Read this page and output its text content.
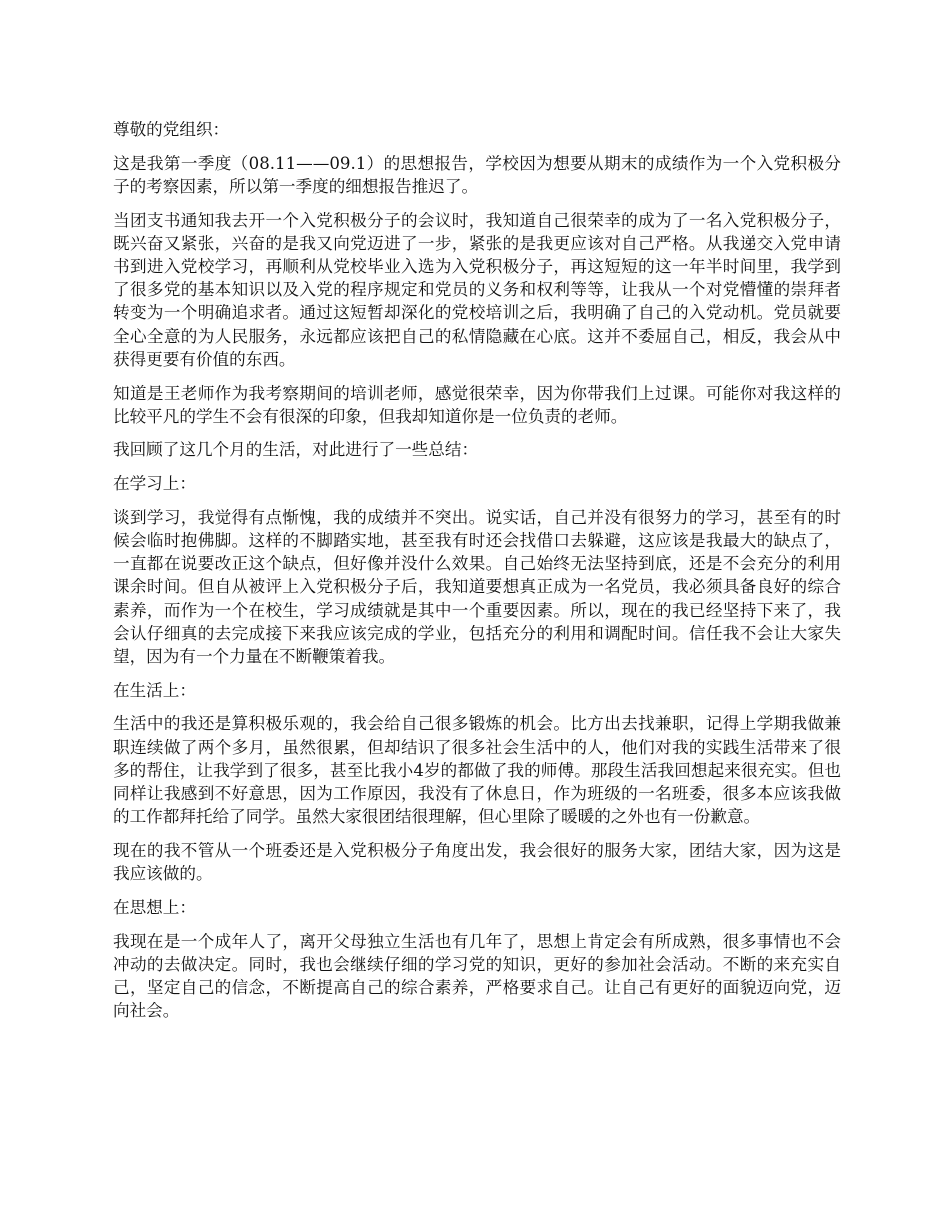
尊敬的党组织：

这是我第一季度（08.11——09.1）的思想报告，学校因为想要从期末的成绩作为一个入党积极分子的考察因素，所以第一季度的细想报告推迟了。

当团支书通知我去开一个入党积极分子的会议时，我知道自己很荣幸的成为了一名入党积极分子，既兴奋又紧张，兴奋的是我又向党迈进了一步，紧张的是我更应该对自己严格。从我递交入党申请书到进入党校学习，再顺利从党校毕业入选为入党积极分子，再这短短的这一年半时间里，我学到了很多党的基本知识以及入党的程序规定和党员的义务和权利等等，让我从一个对党懵懂的崇拜者转变为一个明确追求者。通过这短暂却深化的党校培训之后，我明确了自己的入党动机。党员就要全心全意的为人民服务，永远都应该把自己的私情隐藏在心底。这并不委屈自己，相反，我会从中获得更要有价值的东西。

知道是王老师作为我考察期间的培训老师，感觉很荣幸，因为你带我们上过课。可能你对我这样的比较平凡的学生不会有很深的印象，但我却知道你是一位负责的老师。

我回顾了这几个月的生活，对此进行了一些总结：

在学习上：

谈到学习，我觉得有点惭愧，我的成绩并不突出。说实话，自己并没有很努力的学习，甚至有的时候会临时抱佛脚。这样的不脚踏实地，甚至我有时还会找借口去躲避，这应该是我最大的缺点了，一直都在说要改正这个缺点，但好像并没什么效果。自己始终无法坚持到底，还是不会充分的利用课余时间。但自从被评上入党积极分子后，我知道要想真正成为一名党员，我必须具备良好的综合素养，而作为一个在校生，学习成绩就是其中一个重要因素。所以，现在的我已经坚持下来了，我会认仔细真的去完成接下来我应该完成的学业，包括充分的利用和调配时间。信任我不会让大家失望，因为有一个力量在不断鞭策着我。

在生活上：

生活中的我还是算积极乐观的，我会给自己很多锻炼的机会。比方出去找兼职，记得上学期我做兼职连续做了两个多月，虽然很累，但却结识了很多社会生活中的人，他们对我的实践生活带来了很多的帮住，让我学到了很多，甚至比我小4岁的都做了我的师傅。那段生活我回想起来很充实。但也同样让我感到不好意思，因为工作原因，我没有了休息日，作为班级的一名班委，很多本应该我做的工作都拜托给了同学。虽然大家很团结很理解，但心里除了暖暖的之外也有一份歉意。

现在的我不管从一个班委还是入党积极分子角度出发，我会很好的服务大家，团结大家，因为这是我应该做的。

在思想上：

我现在是一个成年人了，离开父母独立生活也有几年了，思想上肯定会有所成熟，很多事情也不会冲动的去做决定。同时，我也会继续仔细的学习党的知识，更好的参加社会活动。不断的来充实自己，坚定自己的信念，不断提高自己的综合素养，严格要求自己。让自己有更好的面貌迈向党，迈向社会。
